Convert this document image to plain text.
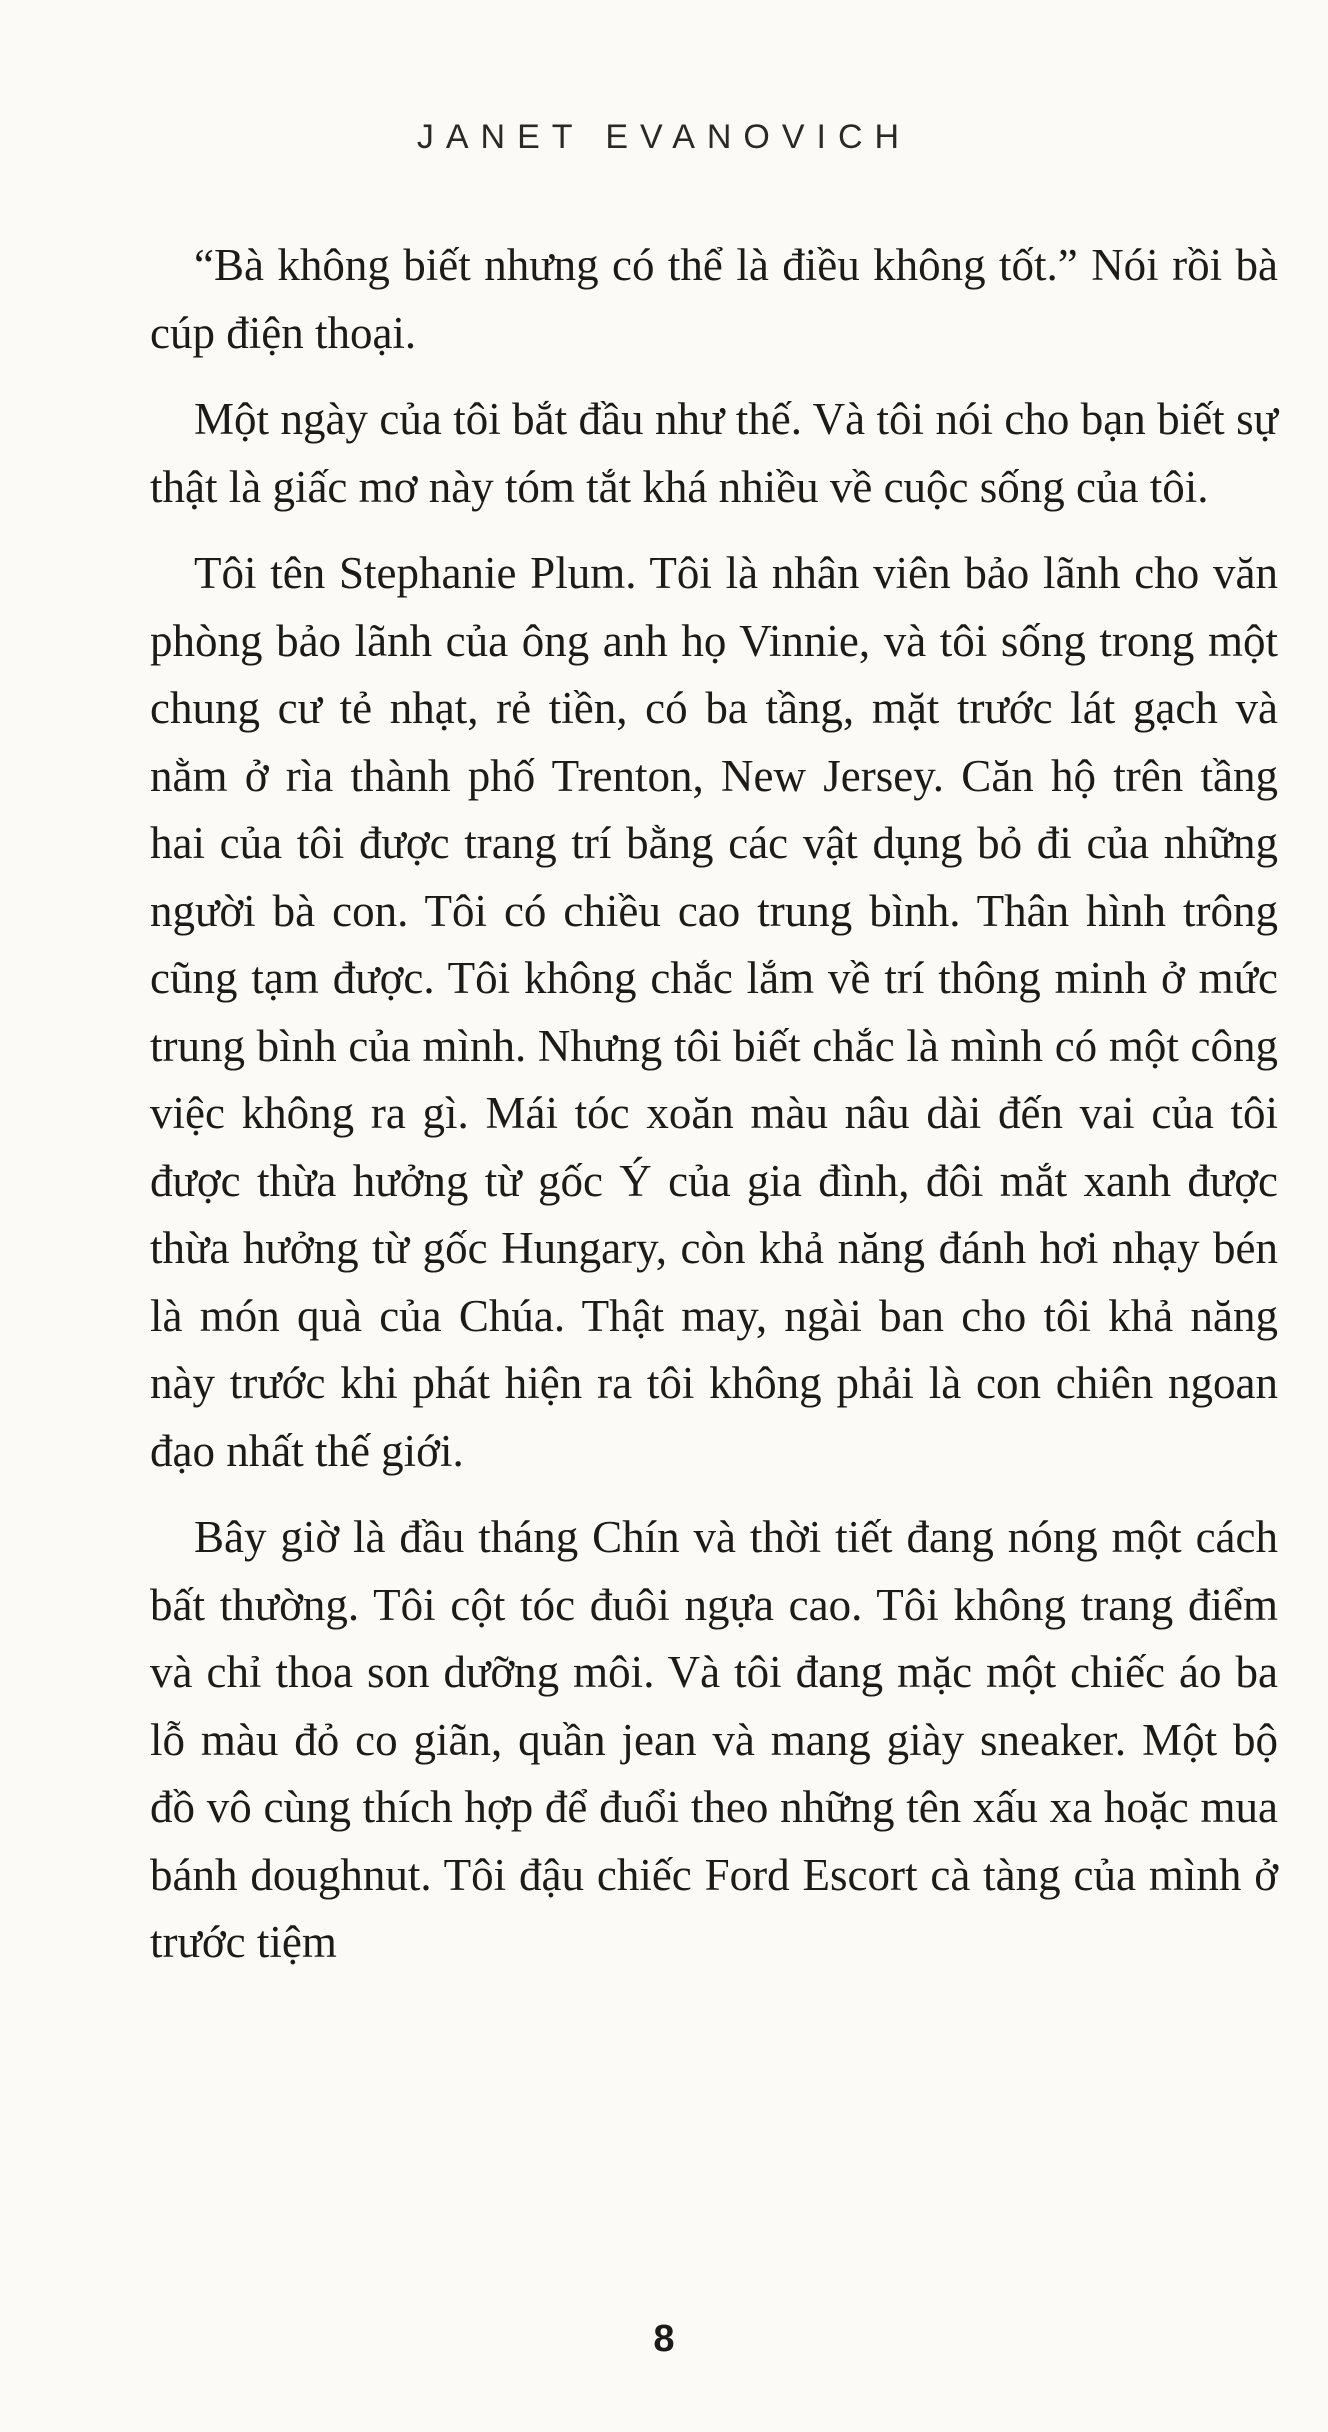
JANET EVANOVICH

“Bà không biết nhưng có thể là điều không tốt.” Nói rồi bà cúp điện thoại.

Một ngày của tôi bắt đầu như thế. Và tôi nói cho bạn biết sự thật là giấc mơ này tóm tắt khá nhiều về cuộc sống của tôi.

Tôi tên Stephanie Plum. Tôi là nhân viên bảo lãnh cho văn phòng bảo lãnh của ông anh họ Vinnie, và tôi sống trong một chung cư tẻ nhạt, rẻ tiền, có ba tầng, mặt trước lát gạch và nằm ở rìa thành phố Trenton, New Jersey. Căn hộ trên tầng hai của tôi được trang trí bằng các vật dụng bỏ đi của những người bà con. Tôi có chiều cao trung bình. Thân hình trông cũng tạm được. Tôi không chắc lắm về trí thông minh ở mức trung bình của mình. Nhưng tôi biết chắc là mình có một công việc không ra gì. Mái tóc xoăn màu nâu dài đến vai của tôi được thừa hưởng từ gốc Ý của gia đình, đôi mắt xanh được thừa hưởng từ gốc Hungary, còn khả năng đánh hơi nhạy bén là món quà của Chúa. Thật may, ngài ban cho tôi khả năng này trước khi phát hiện ra tôi không phải là con chiên ngoan đạo nhất thế giới.

Bây giờ là đầu tháng Chín và thời tiết đang nóng một cách bất thường. Tôi cột tóc đuôi ngựa cao. Tôi không trang điểm và chỉ thoa son dưỡng môi. Và tôi đang mặc một chiếc áo ba lỗ màu đỏ co giãn, quần jean và mang giày sneaker. Một bộ đồ vô cùng thích hợp để đuổi theo những tên xấu xa hoặc mua bánh doughnut. Tôi đậu chiếc Ford Escort cà tàng của mình ở trước tiệm

8
